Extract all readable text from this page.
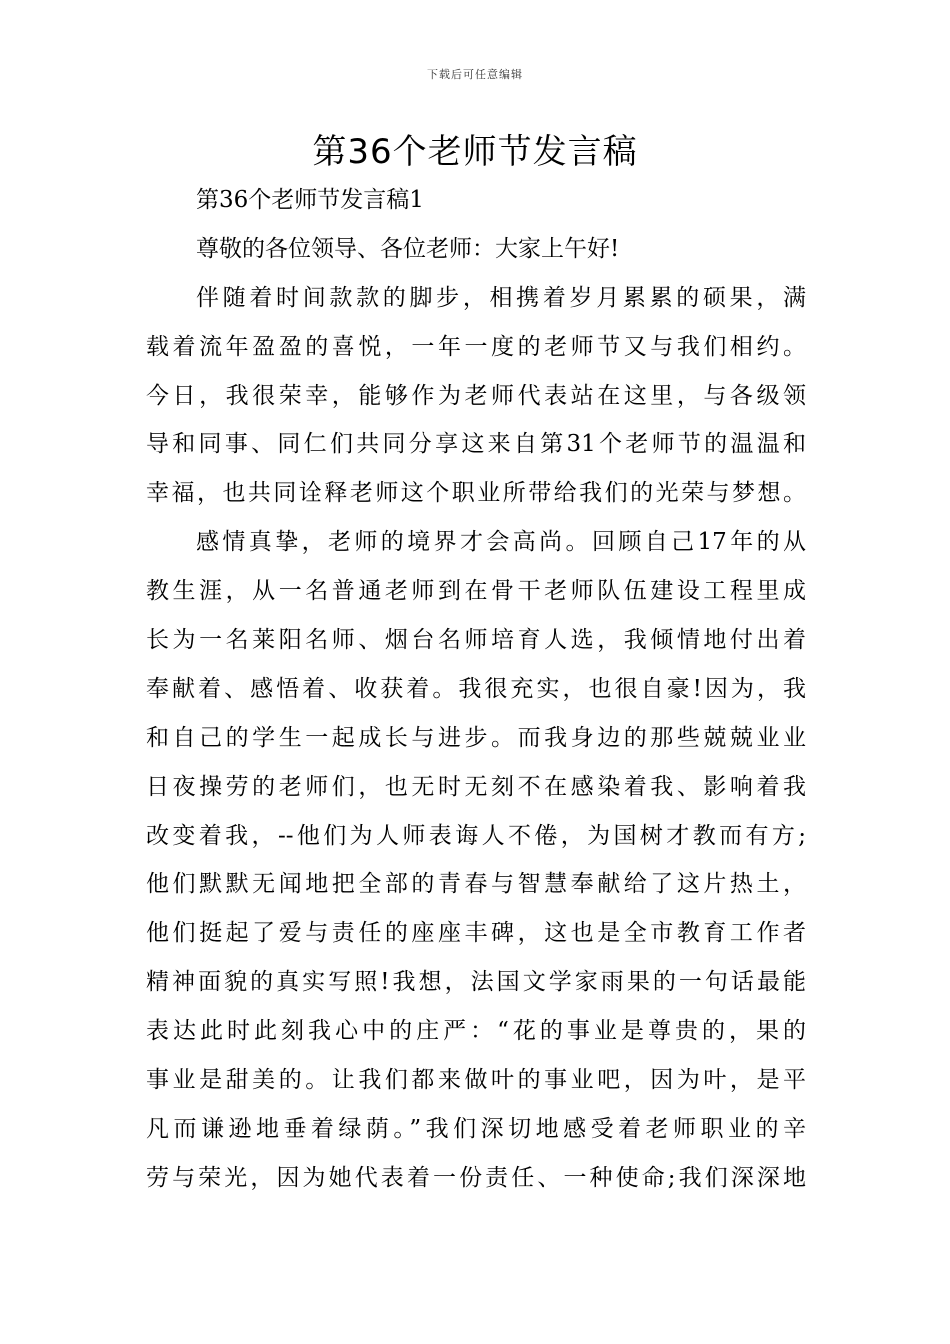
下载后可任意编辑
第36个老师节发言稿
第36个老师节发言稿1
尊敬的各位领导、各位老师：大家上午好!
伴随着时间款款的脚步，相携着岁月累累的硕果，满
载着流年盈盈的喜悦，一年一度的老师节又与我们相约。
今日，我很荣幸，能够作为老师代表站在这里，与各级领
导和同事、同仁们共同分享这来自第31个老师节的温温和
幸福，也共同诠释老师这个职业所带给我们的光荣与梦想。
感情真挚，老师的境界才会高尚。回顾自己17年的从
教生涯，从一名普通老师到在骨干老师队伍建设工程里成
长为一名莱阳名师、烟台名师培育人选，我倾情地付出着
奉献着、感悟着、收获着。我很充实，也很自豪!因为，我
和自己的学生一起成长与进步。而我身边的那些兢兢业业
日夜操劳的老师们，也无时无刻不在感染着我、影响着我
改变着我，--他们为人师表诲人不倦，为国树才教而有方;
他们默默无闻地把全部的青春与智慧奉献给了这片热土，
他们挺起了爱与责任的座座丰碑，这也是全市教育工作者
精神面貌的真实写照!我想，法国文学家雨果的一句话最能
表达此时此刻我心中的庄严：“花的事业是尊贵的，果的
事业是甜美的。让我们都来做叶的事业吧，因为叶，是平
凡而谦逊地垂着绿荫。”我们深切地感受着老师职业的辛
劳与荣光，因为她代表着一份责任、一种使命;我们深深地
